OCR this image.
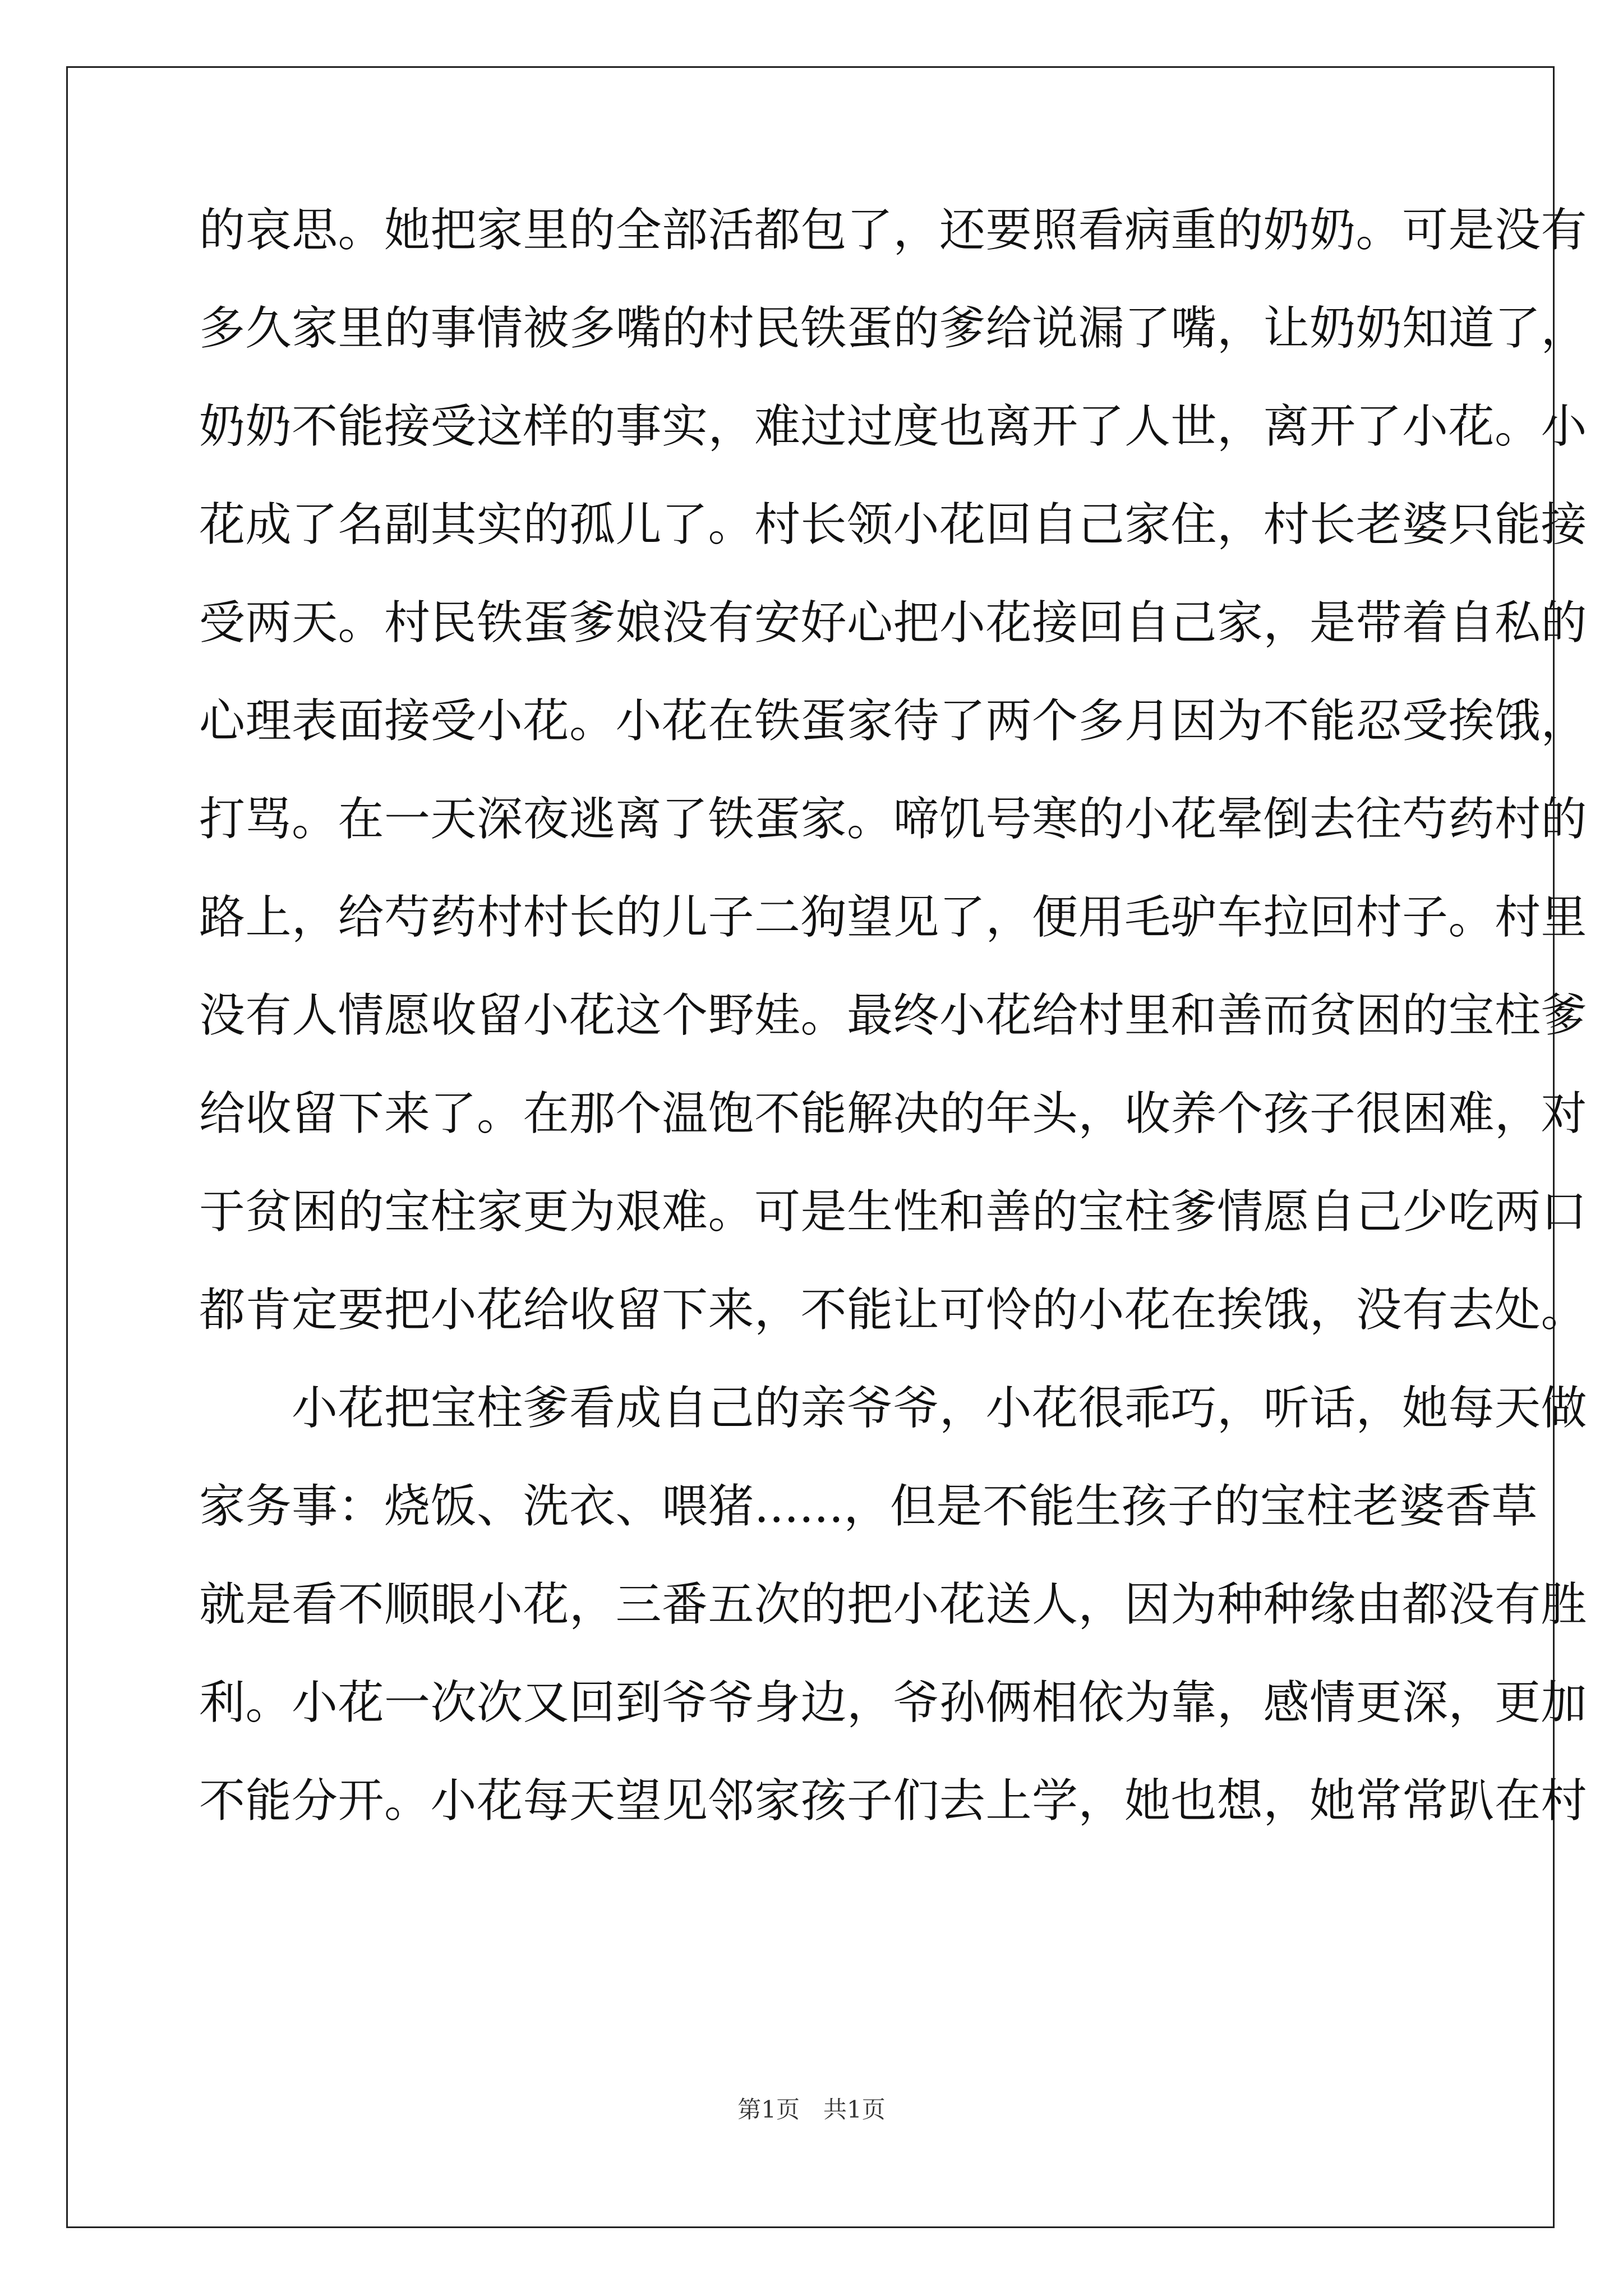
的哀思。她把家里的全部活都包了，还要照看病重的奶奶。可是没有
多久家里的事情被多嘴的村民铁蛋的爹给说漏了嘴，让奶奶知道了，
奶奶不能接受这样的事实，难过过度也离开了人世，离开了小花。小
花成了名副其实的孤儿了。村长领小花回自己家住，村长老婆只能接
受两天。村民铁蛋爹娘没有安好心把小花接回自己家，是带着自私的
心理表面接受小花。小花在铁蛋家待了两个多月因为不能忍受挨饿，
打骂。在一天深夜逃离了铁蛋家。啼饥号寒的小花晕倒去往芍药村的
路上，给芍药村村长的儿子二狗望见了，便用毛驴车拉回村子。村里
没有人情愿收留小花这个野娃。最终小花给村里和善而贫困的宝柱爹
给收留下来了。在那个温饱不能解决的年头，收养个孩子很困难，对
于贫困的宝柱家更为艰难。可是生性和善的宝柱爹情愿自己少吃两口
都肯定要把小花给收留下来，不能让可怜的小花在挨饿，没有去处。
　　小花把宝柱爹看成自己的亲爷爷，小花很乖巧，听话，她每天做
家务事：烧饭、洗衣、喂猪......，但是不能生孩子的宝柱老婆香草
就是看不顺眼小花，三番五次的把小花送人，因为种种缘由都没有胜
利。小花一次次又回到爷爷身边，爷孙俩相依为靠，感情更深，更加
不能分开。小花每天望见邻家孩子们去上学，她也想，她常常趴在村
第1页　共1页
